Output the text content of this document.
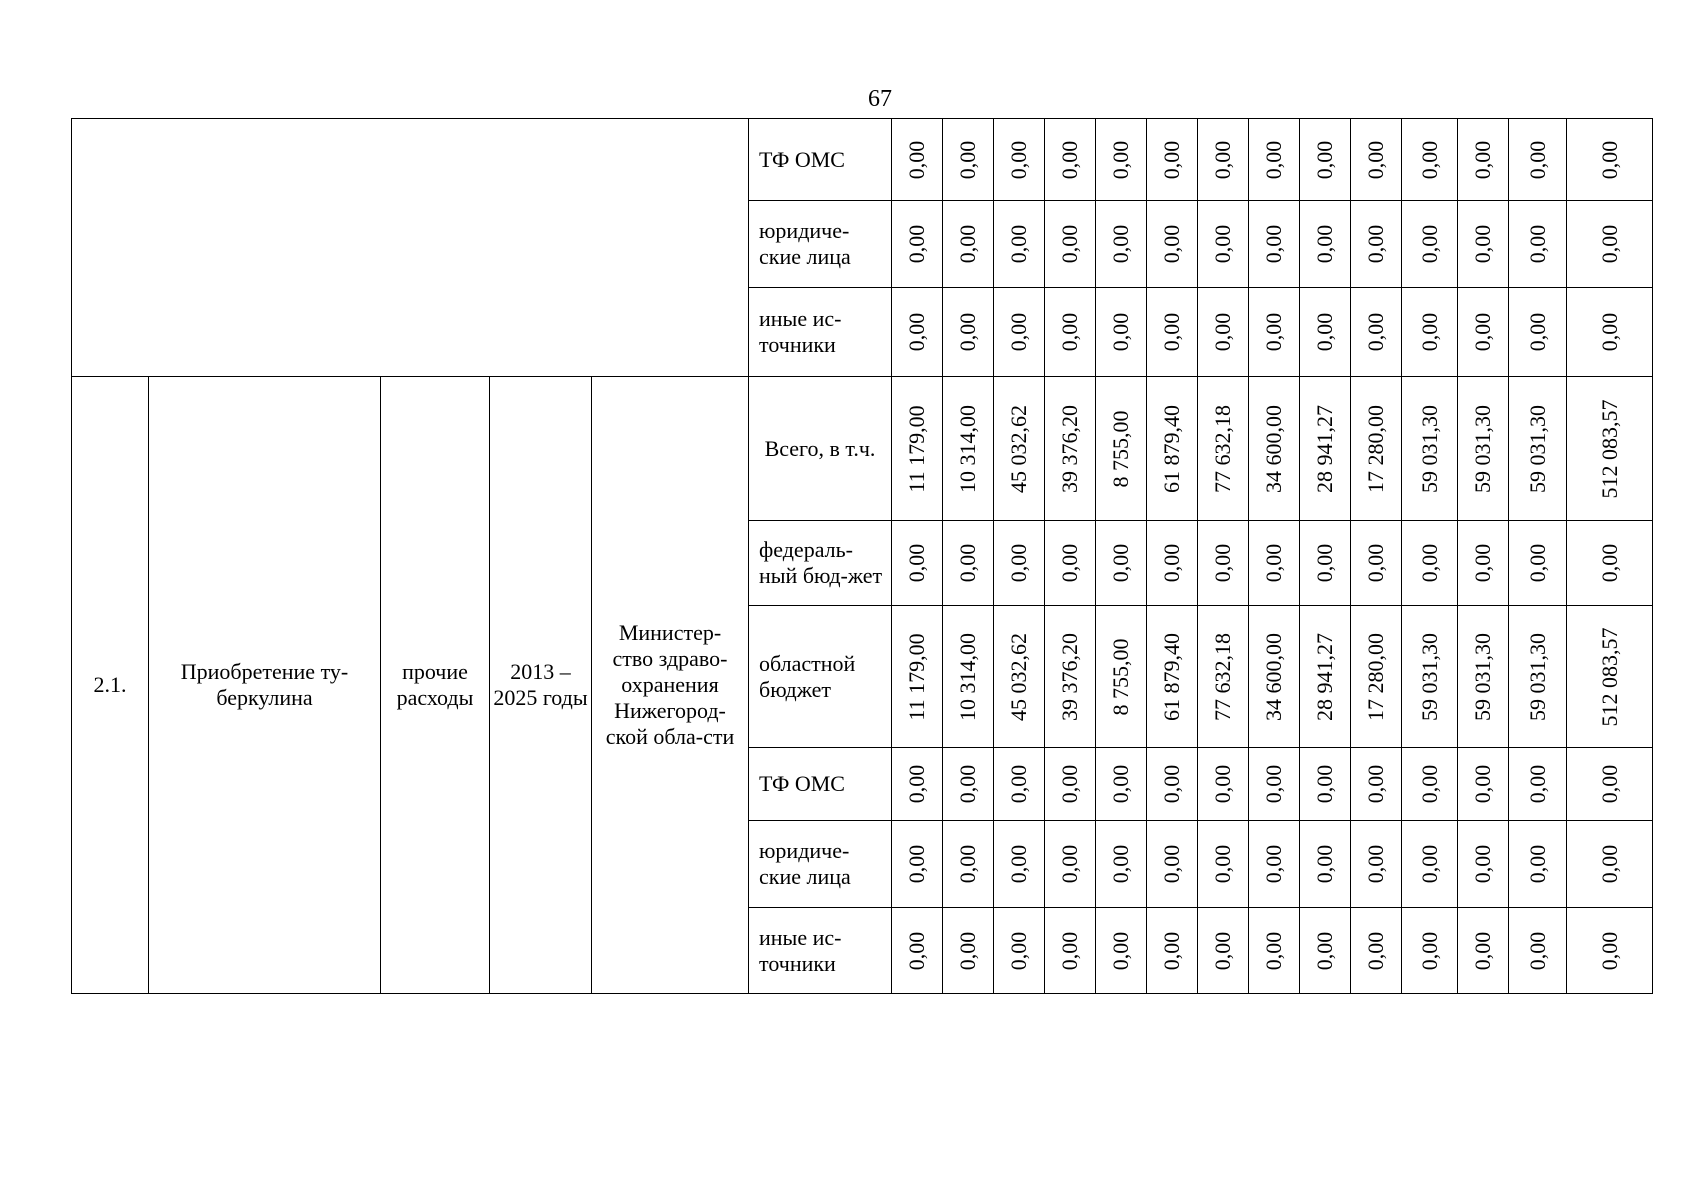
67
					ТФ ОМС	0,00	0,00	0,00	0,00	0,00	0,00	0,00	0,00	0,00	0,00	0,00	0,00	0,00	0,00

					юридиче-ские лица	0,00	0,00	0,00	0,00	0,00	0,00	0,00	0,00	0,00	0,00	0,00	0,00	0,00	0,00

					иные ис-точники	0,00	0,00	0,00	0,00	0,00	0,00	0,00	0,00	0,00	0,00	0,00	0,00	0,00	0,00

2.1.	Приобретение ту-беркулина	прочие расходы	2013 – 2025 годы	Министер-ство здраво-охранения Нижегород-ской обла-сти	Всего, в т.ч.	11 179,00	10 314,00	45 032,62	39 376,20	8 755,00	61 879,40	77 632,18	34 600,00	28 941,27	17 280,00	59 031,30	59 031,30	59 031,30	512 083,57

					федераль-ный бюд-жет	0,00	0,00	0,00	0,00	0,00	0,00	0,00	0,00	0,00	0,00	0,00	0,00	0,00	0,00

					областной бюджет	11 179,00	10 314,00	45 032,62	39 376,20	8 755,00	61 879,40	77 632,18	34 600,00	28 941,27	17 280,00	59 031,30	59 031,30	59 031,30	512 083,57

					ТФ ОМС	0,00	0,00	0,00	0,00	0,00	0,00	0,00	0,00	0,00	0,00	0,00	0,00	0,00	0,00

					юридиче-ские лица	0,00	0,00	0,00	0,00	0,00	0,00	0,00	0,00	0,00	0,00	0,00	0,00	0,00	0,00

					иные ис-точники	0,00	0,00	0,00	0,00	0,00	0,00	0,00	0,00	0,00	0,00	0,00	0,00	0,00	0,00
